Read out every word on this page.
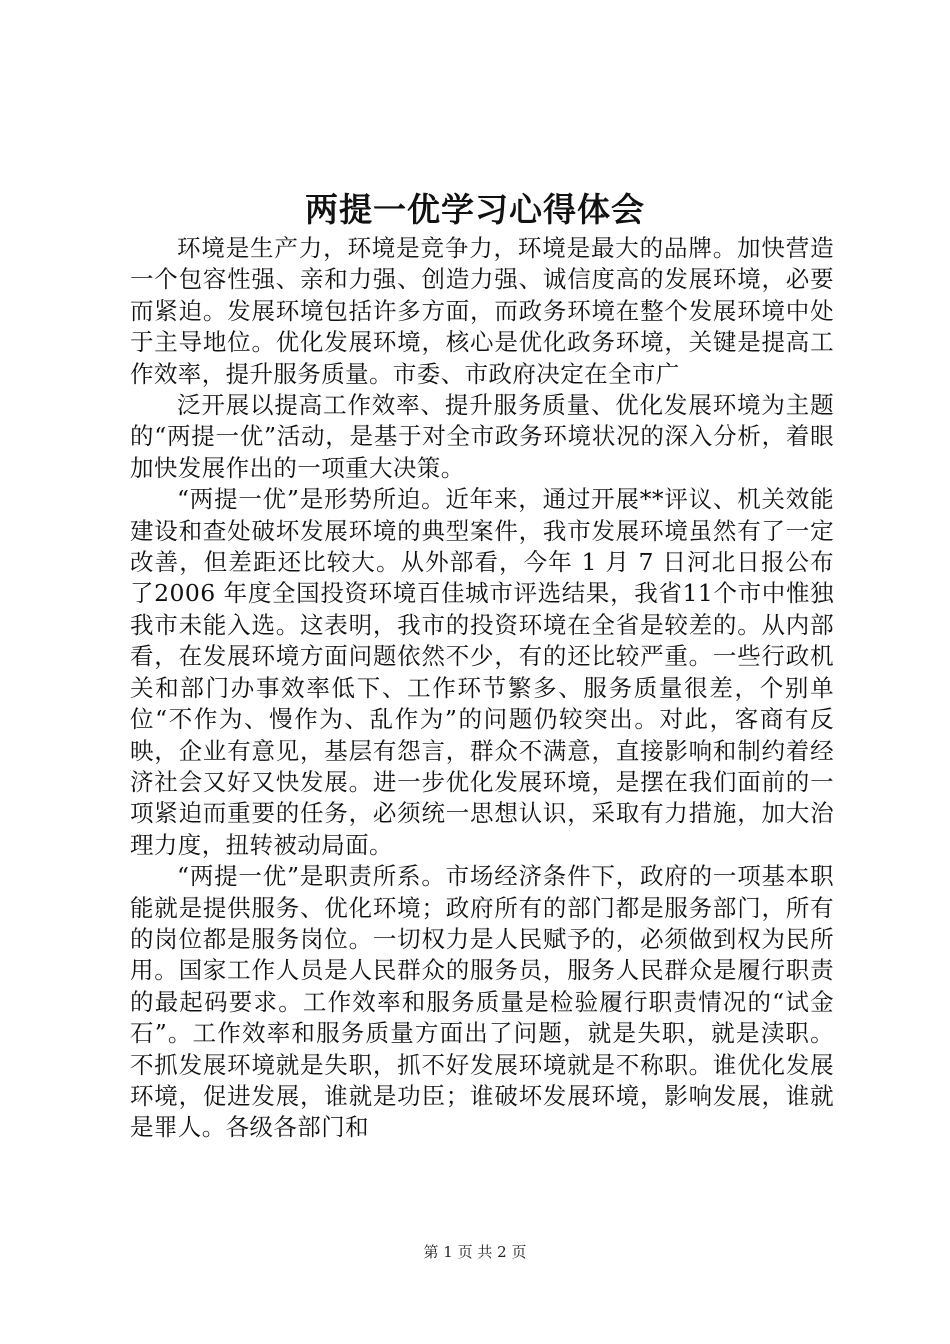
两提一优学习心得体会

环境是生产力，环境是竞争力，环境是最大的品牌。加快营造一个包容性强、亲和力强、创造力强、诚信度高的发展环境，必要而紧迫。发展环境包括许多方面，而政务环境在整个发展环境中处于主导地位。优化发展环境，核心是优化政务环境，关键是提高工作效率，提升服务质量。市委、市政府决定在全市广

泛开展以提高工作效率、提升服务质量、优化发展环境为主题的“两提一优”活动，是基于对全市政务环境状况的深入分析，着眼加快发展作出的一项重大决策。

“两提一优”是形势所迫。近年来，通过开展**评议、机关效能建设和查处破坏发展环境的典型案件，我市发展环境虽然有了一定改善，但差距还比较大。从外部看，今年 1 月 7 日河北日报公布了2006 年度全国投资环境百佳城市评选结果，我省11个市中惟独我市未能入选。这表明，我市的投资环境在全省是较差的。从内部看，在发展环境方面问题依然不少，有的还比较严重。一些行政机关和部门办事效率低下、工作环节繁多、服务质量很差，个别单位“不作为、慢作为、乱作为”的问题仍较突出。对此，客商有反映，企业有意见，基层有怨言，群众不满意，直接影响和制约着经济社会又好又快发展。进一步优化发展环境，是摆在我们面前的一项紧迫而重要的任务，必须统一思想认识，采取有力措施，加大治理力度，扭转被动局面。

“两提一优”是职责所系。市场经济条件下，政府的一项基本职能就是提供服务、优化环境；政府所有的部门都是服务部门，所有的岗位都是服务岗位。一切权力是人民赋予的，必须做到权为民所用。国家工作人员是人民群众的服务员，服务人民群众是履行职责的最起码要求。工作效率和服务质量是检验履行职责情况的“试金石”。工作效率和服务质量方面出了问题，就是失职，就是渎职。不抓发展环境就是失职，抓不好发展环境就是不称职。谁优化发展环境，促进发展，谁就是功臣；谁破坏发展环境，影响发展，谁就是罪人。各级各部门和

第 1 页 共 2 页
